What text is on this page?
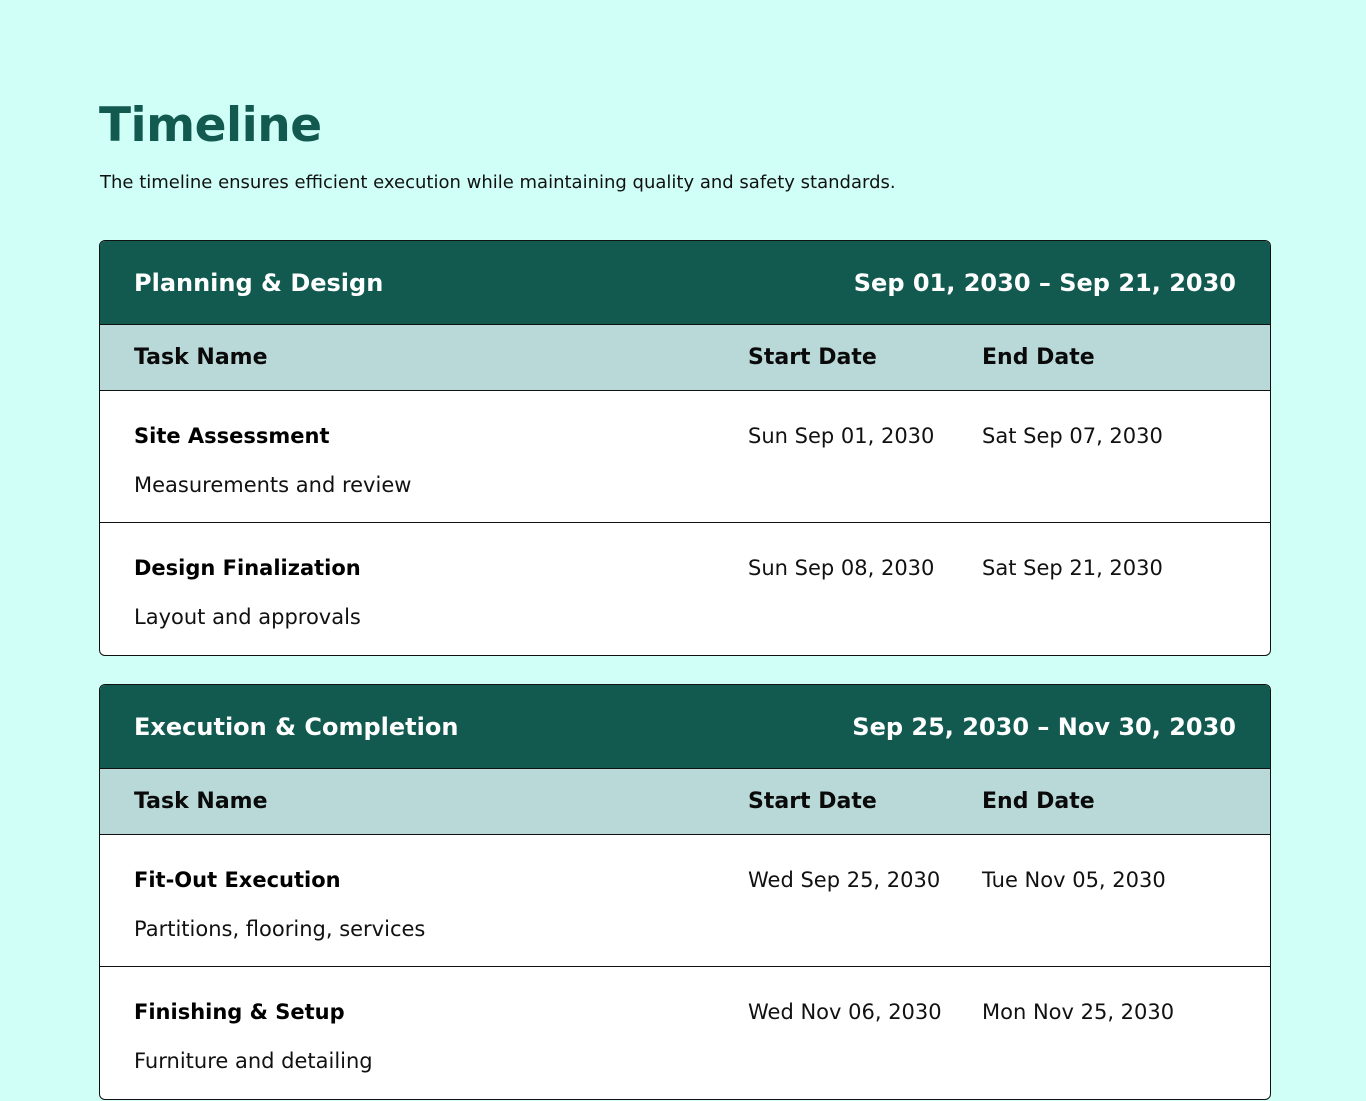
Timeline

The timeline ensures efficient execution while maintaining quality and safety standards.

Planning & Design	Sep 01, 2030 – Sep 21, 2030
Task Name	Start Date	End Date
Site Assessment
Measurements and review
Sun Sep 01, 2030	Sat Sep 07, 2030
Design Finalization
Layout and approvals
Sun Sep 08, 2030	Sat Sep 21, 2030
Execution & Completion	Sep 25, 2030 – Nov 30, 2030
Task Name	Start Date	End Date
Fit-Out Execution
Partitions, flooring, services
Wed Sep 25, 2030	Tue Nov 05, 2030
Finishing & Setup
Furniture and detailing
Wed Nov 06, 2030	Mon Nov 25, 2030
